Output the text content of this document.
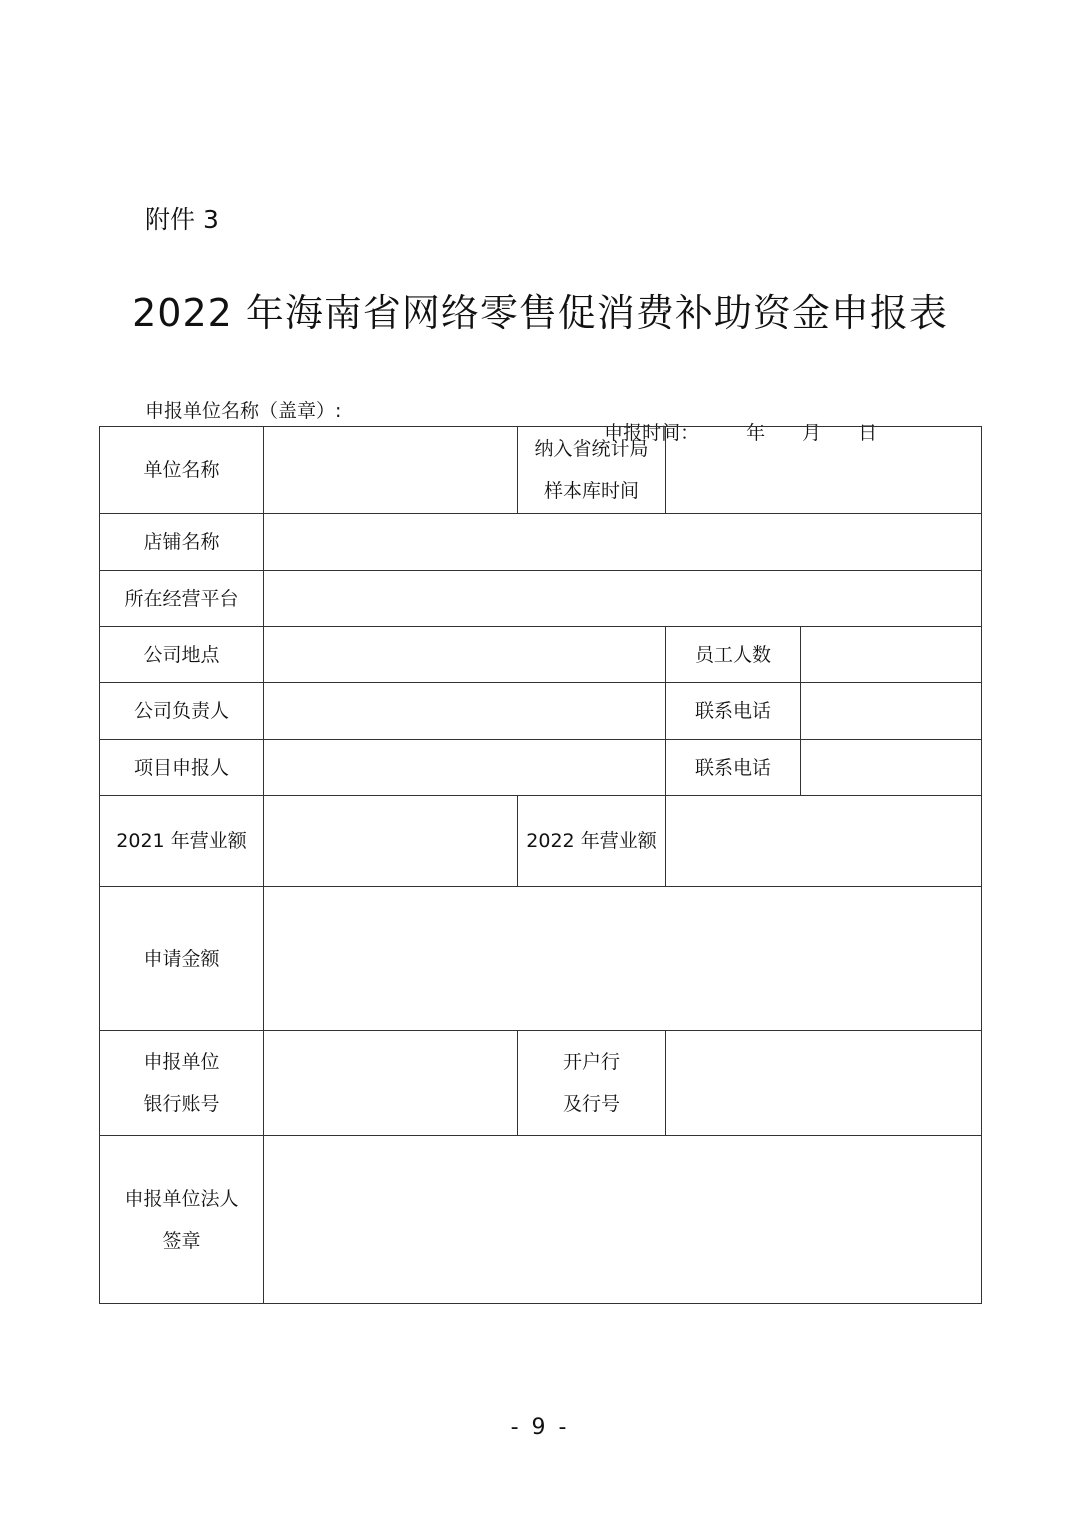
附件 3
2022 年海南省网络零售促消费补助资金申报表
申报单位名称（盖章）:

申报时间： 年 月 日

单位名称		纳入省统计局
样本库时间		
店铺名称				
所在经营平台				
公司地点			员工人数	
公司负责人			联系电话	
项目申报人			联系电话	
2021 年营业额		2022 年营业额		
申请金额				
申报单位
银行账号		开户行
及行号		
申报单位法人
签章				
- 9 -
